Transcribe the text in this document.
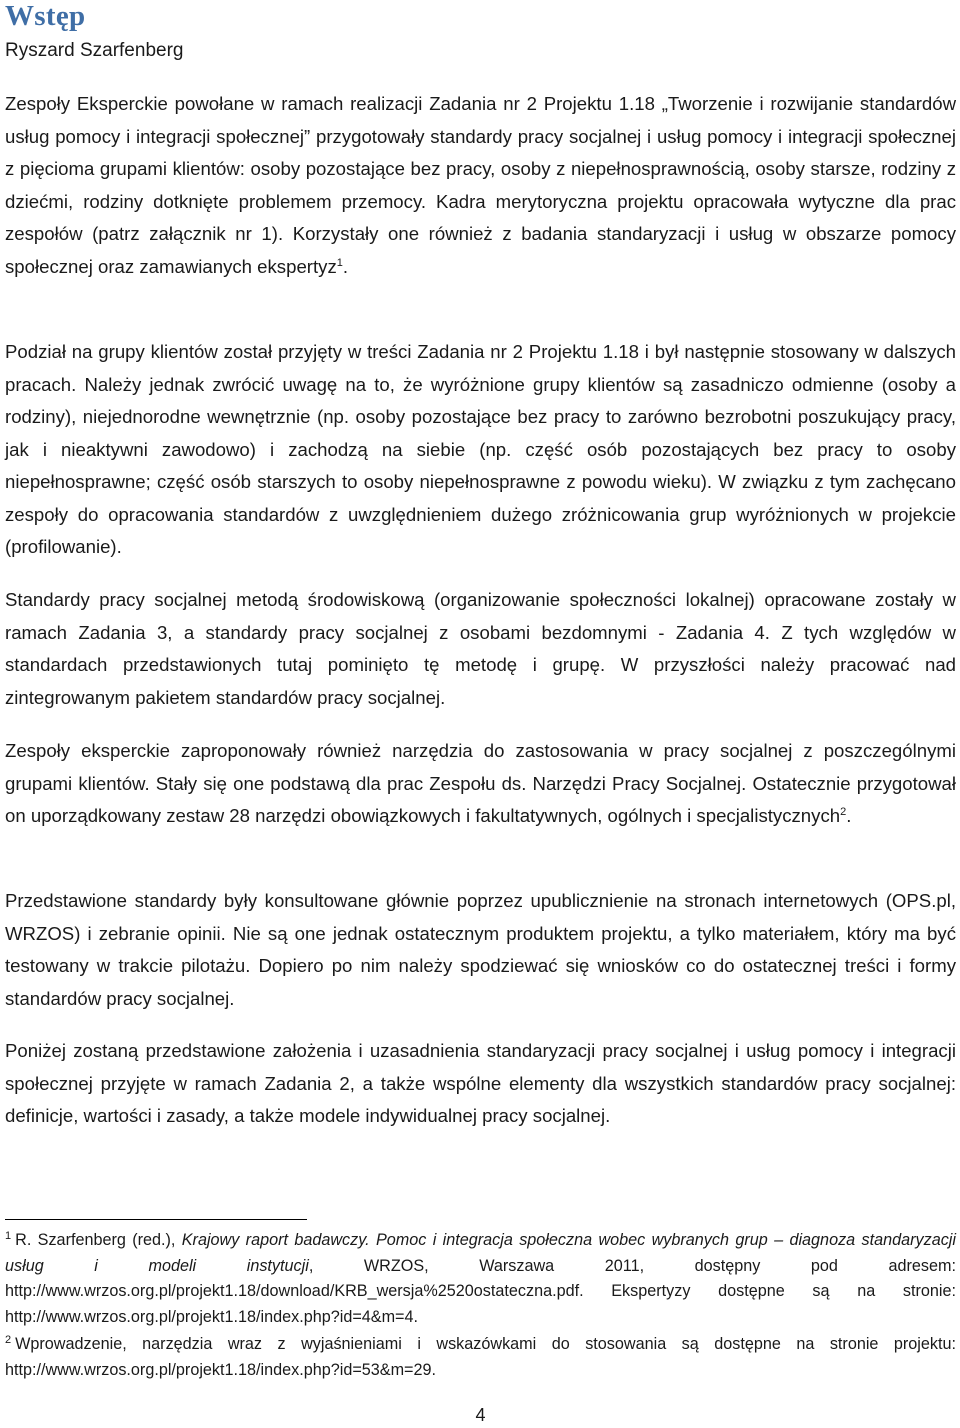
Wstęp
Ryszard Szarfenberg

Zespoły Eksperckie powołane w ramach realizacji Zadania nr 2 Projektu 1.18 „Tworzenie i rozwijanie standardów usług pomocy i integracji społecznej” przygotowały standardy pracy socjalnej i usług pomocy i integracji społecznej z pięcioma grupami klientów: osoby pozostające bez pracy, osoby z niepełnosprawnością, osoby starsze, rodziny z dziećmi, rodziny dotknięte problemem przemocy. Kadra merytoryczna projektu opracowała wytyczne dla prac zespołów (patrz załącznik nr 1). Korzystały one również z badania standaryzacji i usług w obszarze pomocy społecznej oraz zamawianych ekspertyz$^1$.

Podział na grupy klientów został przyjęty w treści Zadania nr 2 Projektu 1.18 i był następnie stosowany w dalszych pracach. Należy jednak zwrócić uwagę na to, że wyróżnione grupy klientów są zasadniczo odmienne (osoby a rodziny), niejednorodne wewnętrznie (np. osoby pozostające bez pracy to zarówno bezrobotni poszukujący pracy, jak i nieaktywni zawodowo) i zachodzą na siebie (np. część osób pozostających bez pracy to osoby niepełnosprawne; część osób starszych to osoby niepełnosprawne z powodu wieku). W związku z tym zachęcano zespoły do opracowania standardów z uwzględnieniem dużego zróżnicowania grup wyróżnionych w projekcie (profilowanie).

Standardy pracy socjalnej metodą środowiskową (organizowanie społeczności lokalnej) opracowane zostały w ramach Zadania 3, a standardy pracy socjalnej z osobami bezdomnymi - Zadania 4. Z tych względów w standardach przedstawionych tutaj pominięto tę metodę i grupę. W przyszłości należy pracować nad zintegrowanym pakietem standardów pracy socjalnej.

Zespoły eksperckie zaproponowały również narzędzia do zastosowania w pracy socjalnej z poszczególnymi grupami klientów. Stały się one podstawą dla prac Zespołu ds. Narzędzi Pracy Socjalnej. Ostatecznie przygotował on uporządkowany zestaw 28 narzędzi obowiązkowych i fakultatywnych, ogólnych i specjalistycznych$^2$.

Przedstawione standardy były konsultowane głównie poprzez upublicznienie na stronach internetowych (OPS.pl, WRZOS) i zebranie opinii. Nie są one jednak ostatecznym produktem projektu, a tylko materiałem, który ma być testowany w trakcie pilotażu. Dopiero po nim należy spodziewać się wniosków co do ostatecznej treści i formy standardów pracy socjalnej.

Poniżej zostaną przedstawione założenia i uzasadnienia standaryzacji pracy socjalnej i usług pomocy i integracji społecznej przyjęte w ramach Zadania 2, a także wspólne elementy dla wszystkich standardów pracy socjalnej: definicje, wartości i zasady, a także modele indywidualnej pracy socjalnej.

$^1$ R. Szarfenberg (red.), Krajowy raport badawczy. Pomoc i integracja społeczna wobec wybranych grup – diagnoza standaryzacji usług i modeli instytucji, WRZOS, Warszawa 2011, dostępny pod adresem: http://www.wrzos.org.pl/projekt1.18/download/KRB_wersja%2520ostateczna.pdf. Ekspertyzy dostępne są na stronie: http://www.wrzos.org.pl/projekt1.18/index.php?id=4&m=4.

$^2$ Wprowadzenie, narzędzia wraz z wyjaśnieniami i wskazówkami do stosowania są dostępne na stronie projektu: http://www.wrzos.org.pl/projekt1.18/index.php?id=53&m=29.

4
